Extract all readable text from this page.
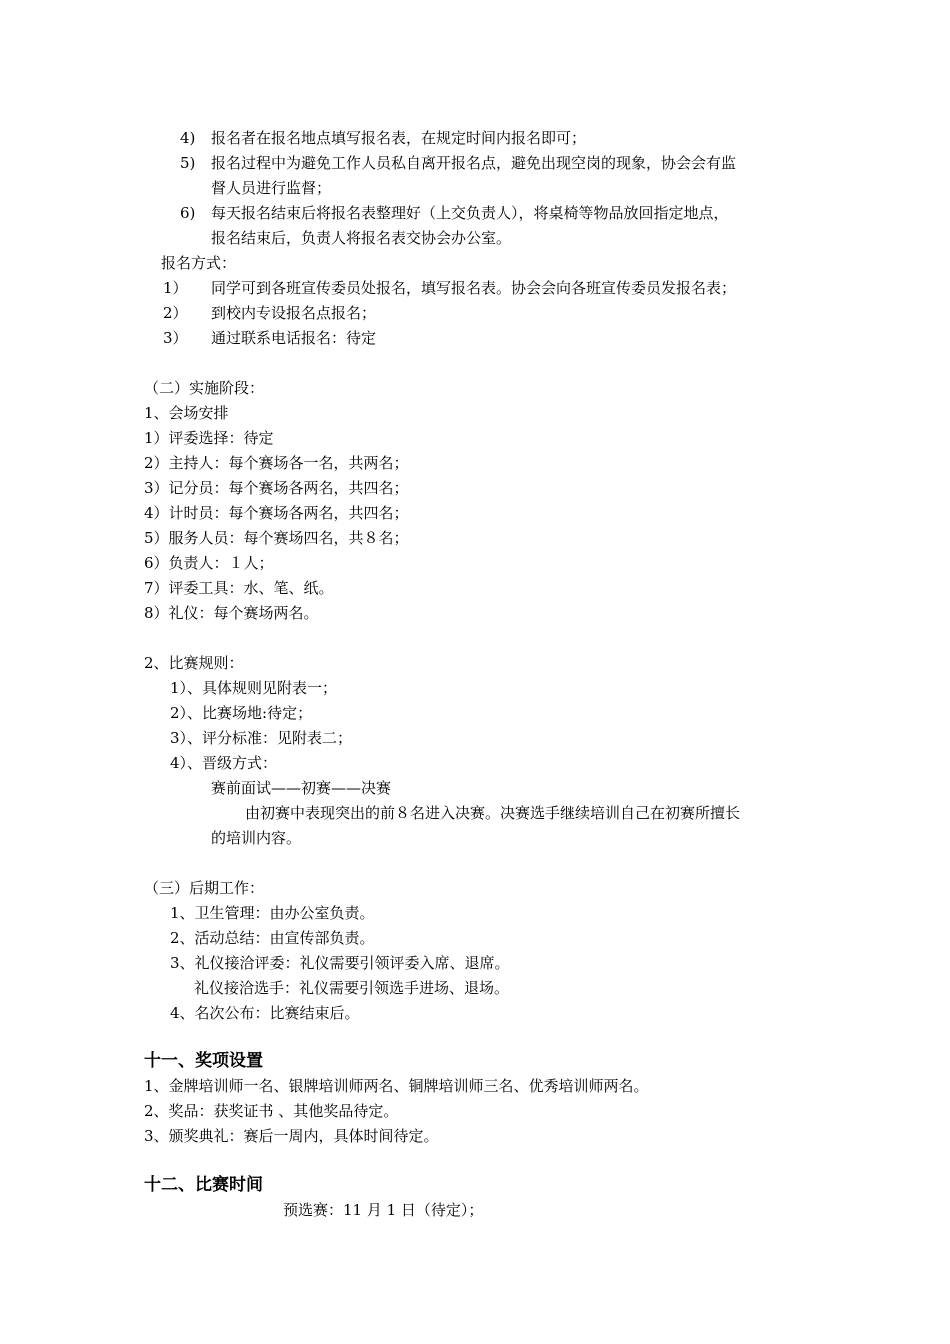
4) 报名者在报名地点填写报名表，在规定时间内报名即可；
5) 报名过程中为避免工作人员私自离开报名点，避免出现空岗的现象，协会会有监
督人员进行监督；
6) 每天报名结束后将报名表整理好（上交负责人），将桌椅等物品放回指定地点，
报名结束后，负责人将报名表交协会办公室。
报名方式：
1） 同学可到各班宣传委员处报名，填写报名表。协会会向各班宣传委员发报名表；
2） 到校内专设报名点报名；
3） 通过联系电话报名：待定
（二）实施阶段：
1、会场安排
1）评委选择：待定
2）主持人：每个赛场各一名，共两名；
3）记分员：每个赛场各两名，共四名；
4）计时员：每个赛场各两名，共四名；
5）服务人员：每个赛场四名，共８名；
6）负责人：１人；
7）评委工具：水、笔、纸。
8）礼仪：每个赛场两名。
2、比赛规则：
1）、具体规则见附表一；
2）、比赛场地:待定；
3）、评分标准：见附表二；
4）、晋级方式：
赛前面试——初赛——决赛
由初赛中表现突出的前８名进入决赛。决赛选手继续培训自己在初赛所擅长
的培训内容。
（三）后期工作：
1、卫生管理：由办公室负责。
2、活动总结：由宣传部负责。
3、礼仪接洽评委：礼仪需要引领评委入席、退席。
礼仪接洽选手：礼仪需要引领选手进场、退场。
4、名次公布：比赛结束后。
十一、奖项设置
1、金牌培训师一名、银牌培训师两名、铜牌培训师三名、优秀培训师两名。
2、奖品：获奖证书 、其他奖品待定。
3、颁奖典礼：赛后一周内，具体时间待定。
十二、比赛时间
预选赛：11 月 1 日（待定）；
